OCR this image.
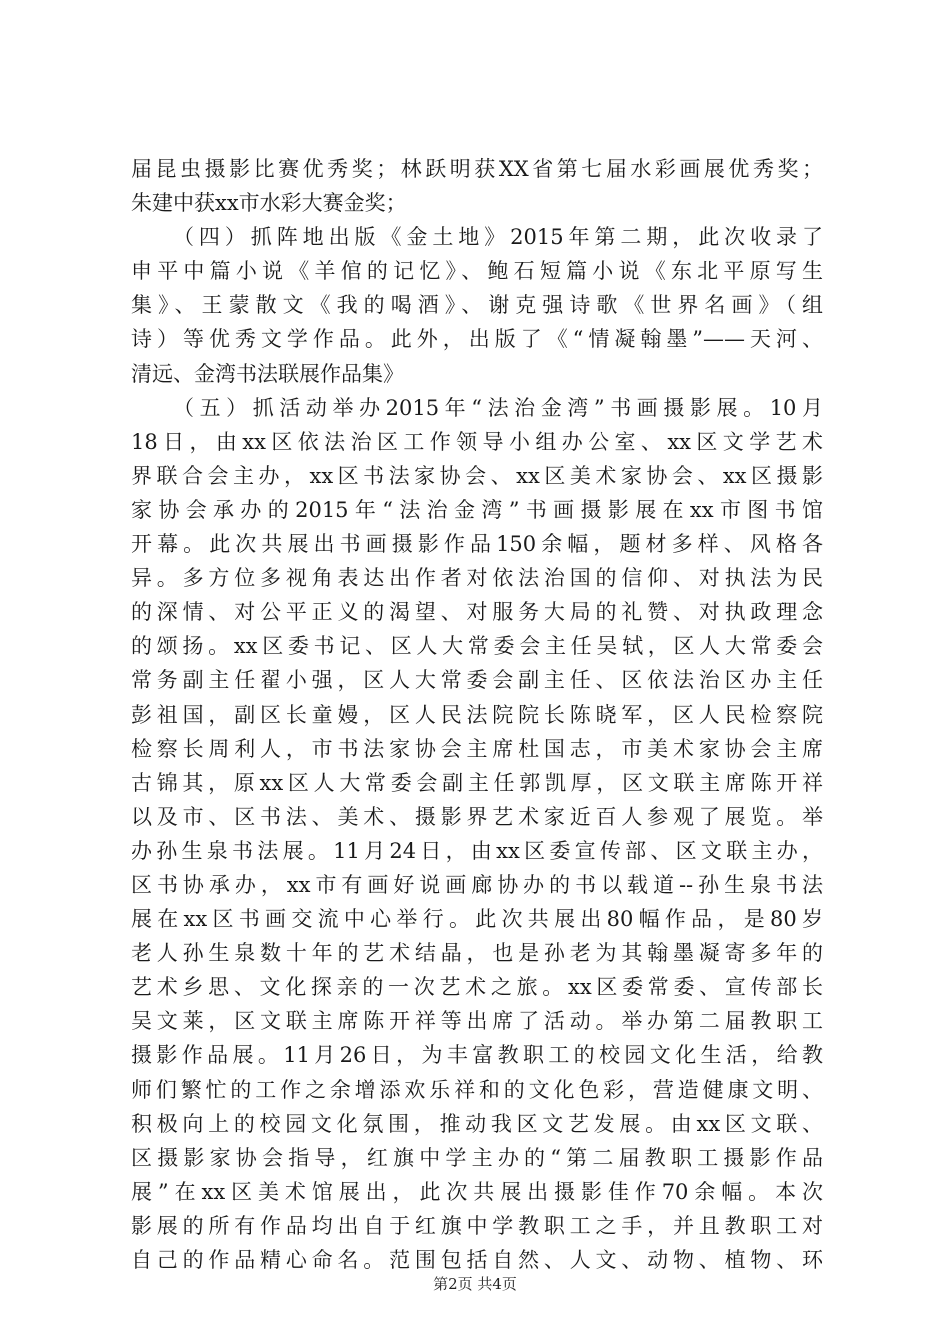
届昆虫摄影比赛优秀奖；林跃明获XX省第七届水彩画展优秀奖；
朱建中获xx市水彩大赛金奖；
（四）抓阵地出版《金土地》2015年第二期，此次收录了
申平中篇小说《羊倌的记忆》、鲍石短篇小说《东北平原写生
集》、王蒙散文《我的喝酒》、谢克强诗歌《世界名画》（组
诗）等优秀文学作品。此外，出版了《“情凝翰墨”——天河、
清远、金湾书法联展作品集》
（五）抓活动举办2015年“法治金湾”书画摄影展。10月
18日，由xx区依法治区工作领导小组办公室、xx区文学艺术
界联合会主办，xx区书法家协会、xx区美术家协会、xx区摄影
家协会承办的2015年“法治金湾”书画摄影展在xx市图书馆
开幕。此次共展出书画摄影作品150余幅，题材多样、风格各
异。多方位多视角表达出作者对依法治国的信仰、对执法为民
的深情、对公平正义的渴望、对服务大局的礼赞、对执政理念
的颂扬。xx区委书记、区人大常委会主任吴轼，区人大常委会
常务副主任翟小强，区人大常委会副主任、区依法治区办主任
彭祖国，副区长童嫚，区人民法院院长陈晓军，区人民检察院
检察长周利人，市书法家协会主席杜国志，市美术家协会主席
古锦其，原xx区人大常委会副主任郭凯厚，区文联主席陈开祥
以及市、区书法、美术、摄影界艺术家近百人参观了展览。举
办孙生泉书法展。11月24日，由xx区委宣传部、区文联主办，
区书协承办，xx市有画好说画廊协办的书以载道--孙生泉书法
展在xx区书画交流中心举行。此次共展出80幅作品，是80岁
老人孙生泉数十年的艺术结晶，也是孙老为其翰墨凝寄多年的
艺术乡思、文化探亲的一次艺术之旅。xx区委常委、宣传部长
吴文莱，区文联主席陈开祥等出席了活动。举办第二届教职工
摄影作品展。11月26日，为丰富教职工的校园文化生活，给教
师们繁忙的工作之余增添欢乐祥和的文化色彩，营造健康文明、
积极向上的校园文化氛围，推动我区文艺发展。由xx区文联、
区摄影家协会指导，红旗中学主办的“第二届教职工摄影作品
展”在xx区美术馆展出，此次共展出摄影佳作70余幅。本次
影展的所有作品均出自于红旗中学教职工之手，并且教职工对
自己的作品精心命名。范围包括自然、人文、动物、植物、环
第2页 共4页
